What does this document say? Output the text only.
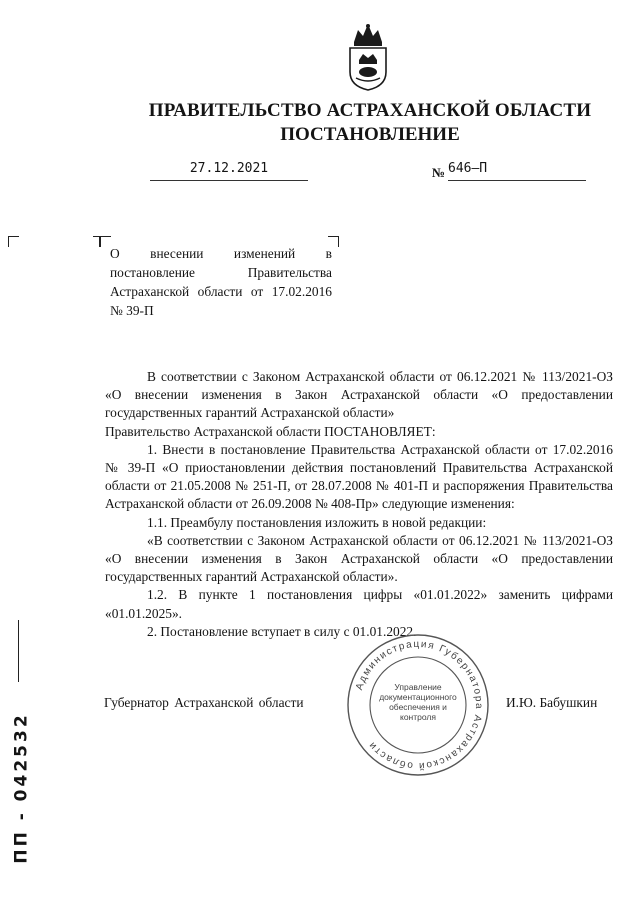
ПРАВИТЕЛЬСТВО АСТРАХАНСКОЙ ОБЛАСТИ
ПОСТАНОВЛЕНИЕ
27.12.2021	№ 646–П
О внесении изменений в постановление Правительства Астраханской области от 17.02.2016 № 39-П

В соответствии с Законом Астраханской области от 06.12.2021 № 113/2021-ОЗ «О внесении изменения в Закон Астраханской области «О предоставлении государственных гарантий Астраханской области»

Правительство Астраханской области ПОСТАНОВЛЯЕТ:

1. Внести в постановление Правительства Астраханской области от 17.02.2016 № 39-П «О приостановлении действия постановлений Правительства Астраханской области от 21.05.2008 № 251-П, от 28.07.2008 № 401-П и распоряжения Правительства Астраханской области от 26.09.2008 № 408-Пр» следующие изменения:

1.1. Преамбулу постановления изложить в новой редакции:

«В соответствии с Законом Астраханской области от 06.12.2021 № 113/2021-ОЗ «О внесении изменения в Закон Астраханской области «О предоставлении государственных гарантий Астраханской области».

1.2. В пункте 1 постановления цифры «01.01.2022» заменить цифрами «01.01.2025».

2. Постановление вступает в силу с 01.01.2022.

Губернатор Астраханской области	И.Ю. Бабушкин
Администрация Губернатора Астраханской области
Управление документационного обеспечения и контроля
ПП - 042532
